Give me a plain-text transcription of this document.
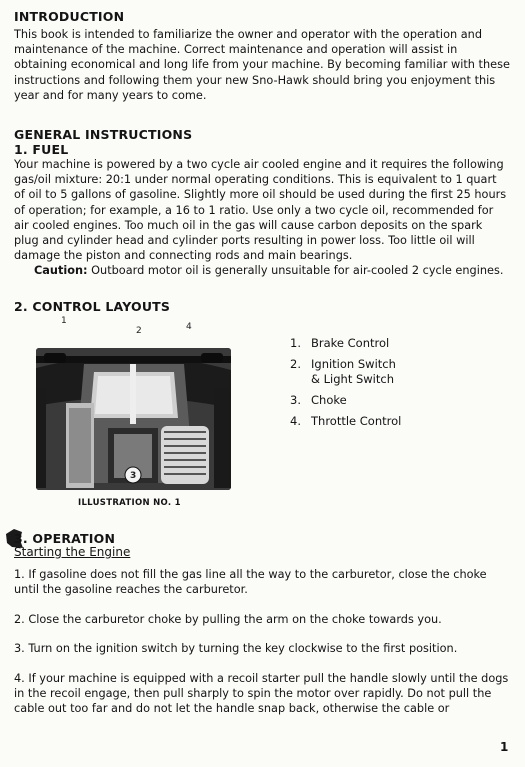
INTRODUCTION

This book is intended to familiarize the owner and operator with the operation and maintenance of the machine. Correct maintenance and operation will assist in obtaining economical and long life from your machine. By becoming familiar with these instructions and following them your new Sno-Hawk should bring you enjoyment this year and for many years to come.

GENERAL INSTRUCTIONS
1. FUEL

Your machine is powered by a two cycle air cooled engine and it requires the following gas/oil mixture: 20:1 under normal operating conditions. This is equivalent to 1 quart of oil to 5 gallons of gasoline. Slightly more oil should be used during the first 25 hours of operation; for example, a 16 to 1 ratio. Use only a two cycle oil, recommended for air cooled engines. Too much oil in the gas will cause carbon deposits on the spark plug and cylinder head and cylinder ports resulting in power loss. Too little oil will damage the piston and connecting rods and main bearings.

Caution: Outboard motor oil is generally unsuitable for air-cooled 2 cycle engines.

2. CONTROL LAYOUTS
1
2	4
3
1. Brake Control
2. Ignition Switch
& Light Switch
3. Choke
4. Throttle Control
ILLUSTRATION NO. 1
3. OPERATION
Starting the Engine

1. If gasoline does not fill the gas line all the way to the carburetor, close the choke until the gasoline reaches the carburetor.

2. Close the carburetor choke by pulling the arm on the choke towards you.

3. Turn on the ignition switch by turning the key clockwise to the first position.

4. If your machine is equipped with a recoil starter pull the handle slowly until the dogs in the recoil engage, then pull sharply to spin the motor over rapidly. Do not pull the cable out too far and do not let the handle snap back, otherwise the cable or

1
